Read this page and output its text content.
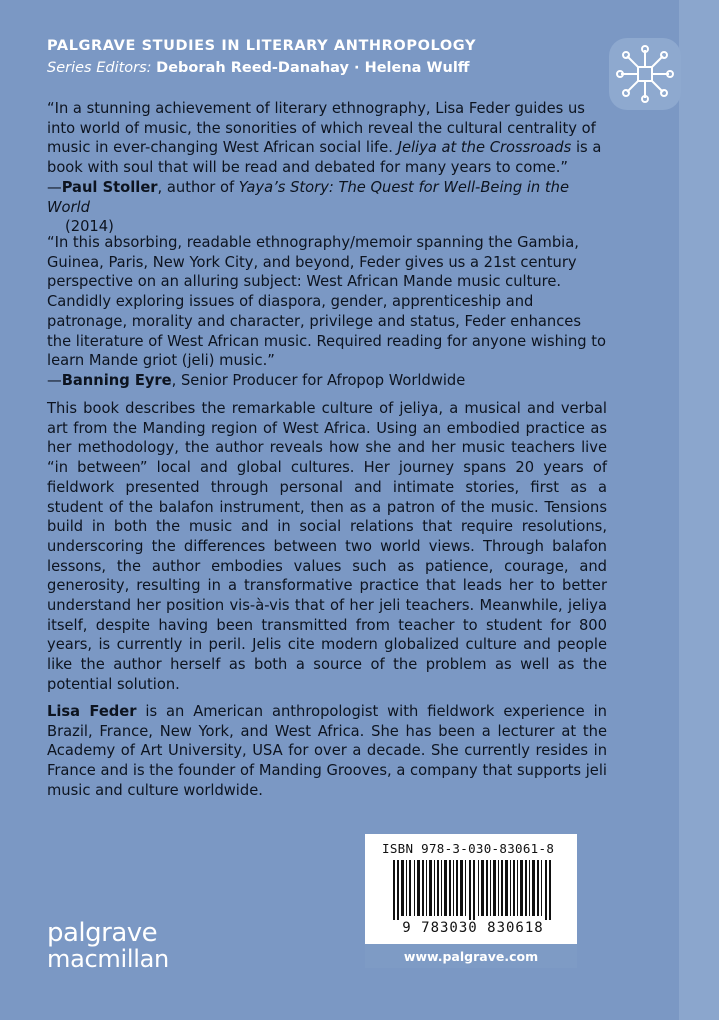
PALGRAVE STUDIES IN LITERARY ANTHROPOLOGY
Series Editors: Deborah Reed-Danahay · Helena Wulff
“In a stunning achievement of literary ethnography, Lisa Feder guides us into world of music, the sonorities of which reveal the cultural centrality of music in ever-changing West African social life. Jeliya at the Crossroads is a book with soul that will be read and debated for many years to come.”
—Paul Stoller, author of Yaya’s Story: The Quest for Well-Being in the World
(2014)
“In this absorbing, readable ethnography/memoir spanning the Gambia, Guinea, Paris, New York City, and beyond, Feder gives us a 21st century perspective on an alluring subject: West African Mande music culture. Candidly exploring issues of diaspora, gender, apprenticeship and patronage, morality and character, privilege and status, Feder enhances the literature of West African music. Required reading for anyone wishing to learn Mande griot (jeli) music.”
—Banning Eyre, Senior Producer for Afropop Worldwide
This book describes the remarkable culture of jeliya, a musical and verbal art from the Manding region of West Africa. Using an embodied practice as her methodology, the author reveals how she and her music teachers live “in between” local and global cultures. Her journey spans 20 years of fieldwork presented through personal and intimate stories, first as a student of the balafon instrument, then as a patron of the music. Tensions build in both the music and in social relations that require resolutions, underscoring the differences between two world views. Through balafon lessons, the author embodies values such as patience, courage, and generosity, resulting in a transformative practice that leads her to better understand her position vis-à-vis that of her jeli teachers. Meanwhile, jeliya itself, despite having been transmitted from teacher to student for 800 years, is currently in peril. Jelis cite modern globalized culture and people like the author herself as both a source of the problem as well as the potential solution.
Lisa Feder is an American anthropologist with fieldwork experience in Brazil, France, New York, and West Africa. She has been a lecturer at the Academy of Art University, USA for over a decade. She currently resides in France and is the founder of Manding Grooves, a company that supports jeli music and culture worldwide.
ISBN 978-3-030-83061-8
9 783030 830618
www.palgrave.com
palgrave
macmillan
